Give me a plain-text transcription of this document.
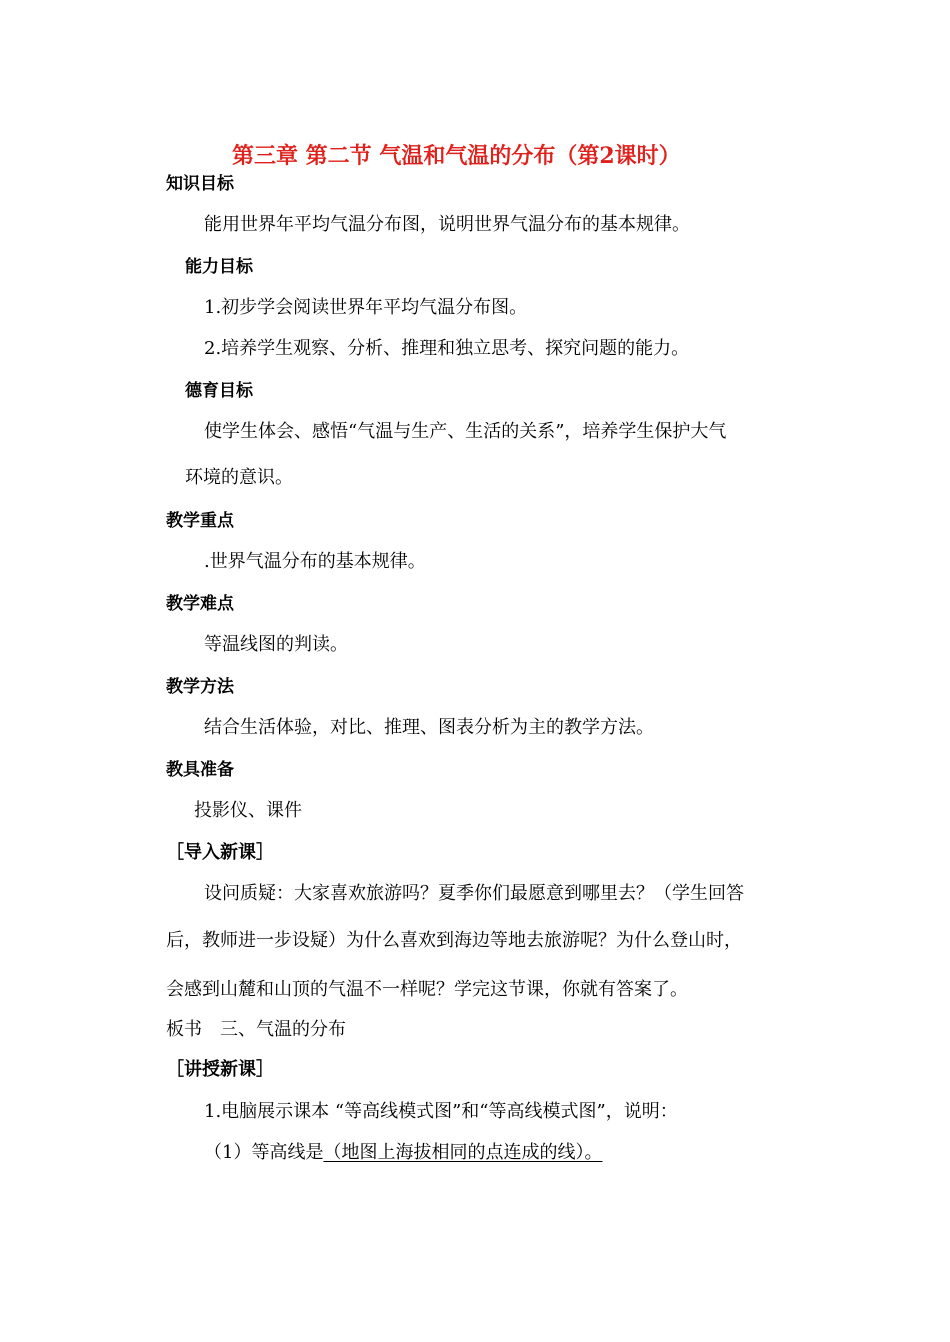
第三章 第二节 气温和气温的分布（第2课时）
知识目标
能用世界年平均气温分布图，说明世界气温分布的基本规律。
能力目标
1.初步学会阅读世界年平均气温分布图。
2.培养学生观察、分析、推理和独立思考、探究问题的能力。
德育目标
使学生体会、感悟“气温与生产、生活的关系”，培养学生保护大气
环境的意识。
教学重点
.世界气温分布的基本规律。
教学难点
等温线图的判读。
教学方法
结合生活体验，对比、推理、图表分析为主的教学方法。
教具准备
投影仪、课件
［导入新课］
设问质疑：大家喜欢旅游吗？夏季你们最愿意到哪里去？（学生回答
后，教师进一步设疑）为什么喜欢到海边等地去旅游呢？为什么登山时，
会感到山麓和山顶的气温不一样呢？学完这节课，你就有答案了。
板书　三、气温的分布
［讲授新课］
1.电脑展示课本 “等高线模式图”和“等高线模式图”，说明：
（1）等高线是（地图上海拔相同的点连成的线）。
